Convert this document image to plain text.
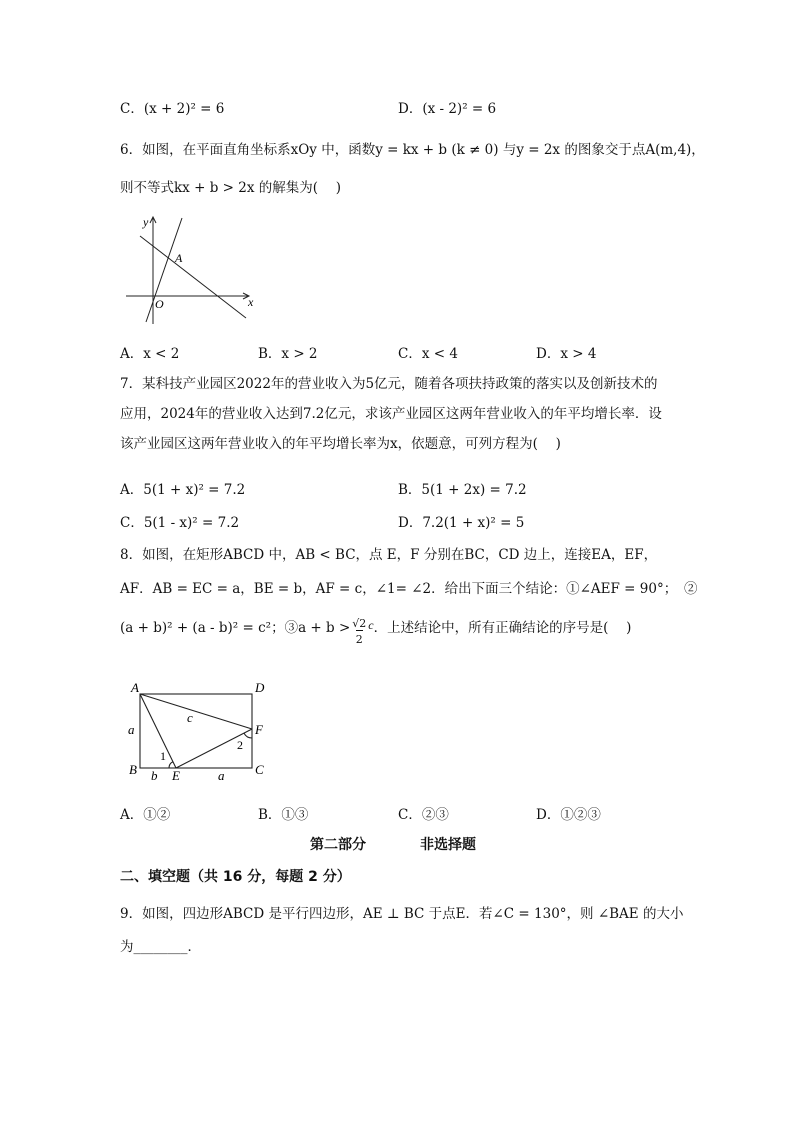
C．(x + 2)² = 6	D．(x - 2)² = 6
6．如图，在平面直角坐标系xOy 中，函数y = kx + b (k ≠ 0) 与y = 2x 的图象交于点A(m,4)，
则不等式kx + b > 2x 的解集为(　 )
y
x
A
O
A．x < 2	B．x > 2	C．x < 4	D．x > 4
7．某科技产业园区2022年的营业收入为5亿元，随着各项扶持政策的落实以及创新技术的
应用，2024年的营业收入达到7.2亿元，求该产业园区这两年营业收入的年平均增长率．设
该产业园区这两年营业收入的年平均增长率为x，依题意，可列方程为(　 )
A．5(1 + x)² = 7.2	B．5(1 + 2x) = 7.2
C．5(1 - x)² = 7.2	D．7.2(1 + x)² = 5
8．如图，在矩形ABCD 中，AB < BC，点 E，F 分别在BC，CD 边上，连接EA，EF，
AF．AB = EC = a，BE = b，AF = c，∠1= ∠2．给出下面三个结论：①∠AEF = 90°；　②
(a + b)² + (a - b)² = c²；③a + $b > \frac{√2}{2}$ c ．上述结论中，所有正确结论的序号是(　 )
A	D
B	C
E
F
a
b	a
c
1
2
A．①②	B．①③	C．②③	D．①②③
第二部分	非选择题
二、填空题（共 16 分，每题 2 分）
9．如图，四边形ABCD 是平行四边形，AE ⊥ BC 于点E．若∠C = 130°，则 ∠BAE 的大小
为________．
